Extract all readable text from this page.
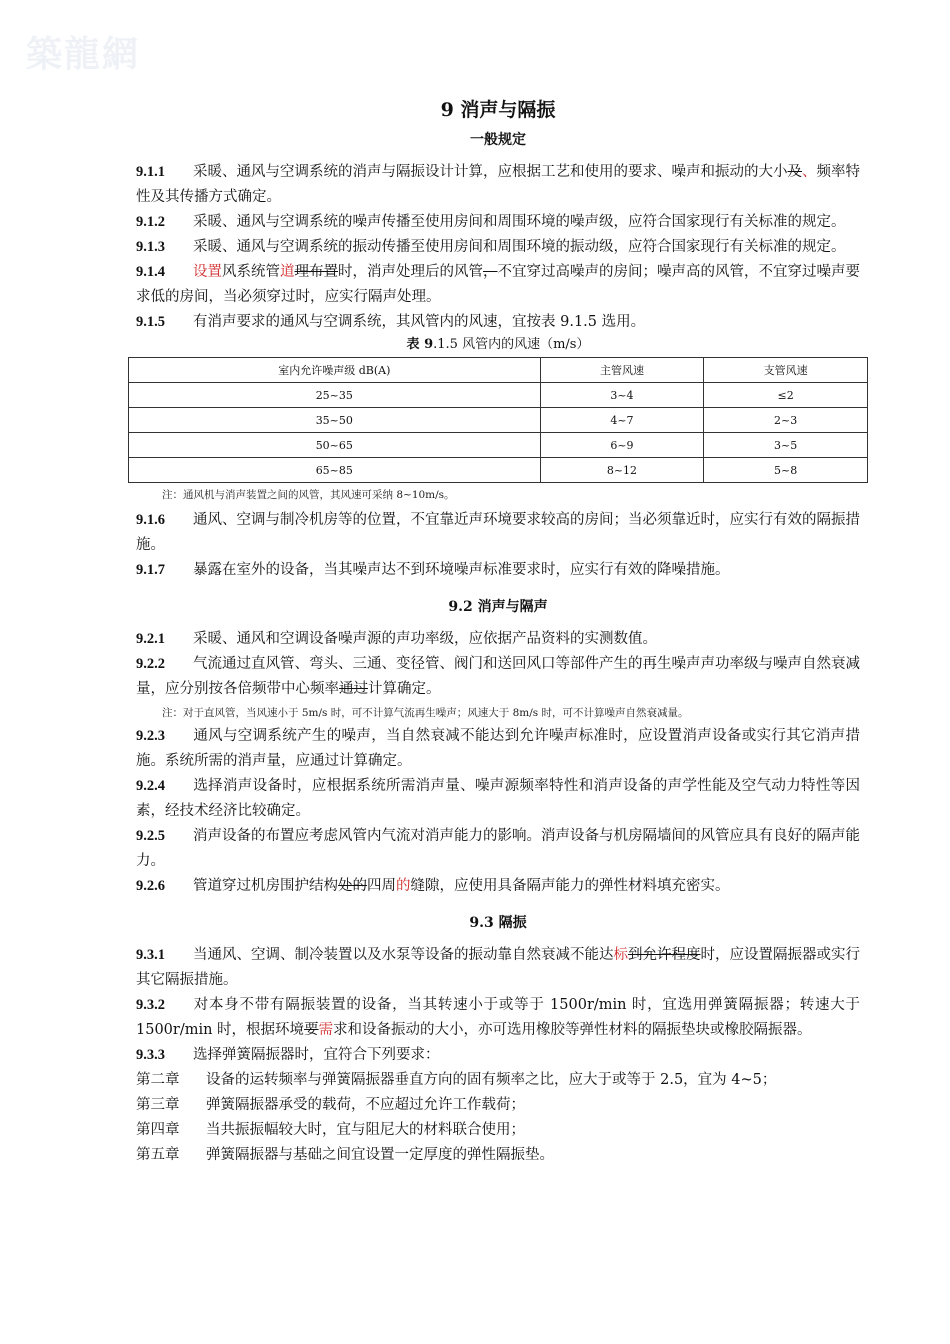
築龍網
9 消声与隔振
一般规定

9.1.1 采暖、通风与空调系统的消声与隔振设计计算，应根据工艺和使用的要求、噪声和振动的大小及、频率特性及其传播方式确定。

9.1.2 采暖、通风与空调系统的噪声传播至使用房间和周围环境的噪声级，应符合国家现行有关标准的规定。

9.1.3 采暖、通风与空调系统的振动传播至使用房间和周围环境的振动级，应符合国家现行有关标准的规定。

9.1.4 设置风系统管道理布置时，消声处理后的风管，不宜穿过高噪声的房间；噪声高的风管，不宜穿过噪声要求低的房间，当必须穿过时，应实行隔声处理。

9.1.5 有消声要求的通风与空调系统，其风管内的风速，宜按表 9.1.5 选用。

表 9.1.5 风管内的风速（m/s）
室内允许噪声级 dB(A)	主管风速	支管风速
25~35	3~4	≤2
35~50	4~7	2~3
50~65	6~9	3~5
65~85	8~12	5~8
注：通风机与消声装置之间的风管，其风速可采纳 8~10m/s。

9.1.6 通风、空调与制冷机房等的位置，不宜靠近声环境要求较高的房间；当必须靠近时，应实行有效的隔振措施。

9.1.7 暴露在室外的设备，当其噪声达不到环境噪声标准要求时，应实行有效的降噪措施。

9.2 消声与隔声

9.2.1 采暖、通风和空调设备噪声源的声功率级，应依据产品资料的实测数值。

9.2.2 气流通过直风管、弯头、三通、变径管、阀门和送回风口等部件产生的再生噪声声功率级与噪声自然衰减量，应分别按各倍频带中心频率通过计算确定。

注：对于直风管，当风速小于 5m/s 时，可不计算气流再生噪声；风速大于 8m/s 时，可不计算噪声自然衰减量。

9.2.3 通风与空调系统产生的噪声，当自然衰减不能达到允许噪声标准时，应设置消声设备或实行其它消声措施。系统所需的消声量，应通过计算确定。

9.2.4 选择消声设备时，应根据系统所需消声量、噪声源频率特性和消声设备的声学性能及空气动力特性等因素，经技术经济比较确定。

9.2.5 消声设备的布置应考虑风管内气流对消声能力的影响。消声设备与机房隔墙间的风管应具有良好的隔声能力。

9.2.6 管道穿过机房围护结构处的四周的缝隙，应使用具备隔声能力的弹性材料填充密实。

9.3 隔振

9.3.1 当通风、空调、制冷装置以及水泵等设备的振动靠自然衰减不能达标到允许程度时，应设置隔振器或实行其它隔振措施。

9.3.2 对本身不带有隔振装置的设备，当其转速小于或等于 1500r/min 时，宜选用弹簧隔振器；转速大于 1500r/min 时，根据环境要需求和设备振动的大小，亦可选用橡胶等弹性材料的隔振垫块或橡胶隔振器。

9.3.3 选择弹簧隔振器时，宜符合下列要求：

第二章 设备的运转频率与弹簧隔振器垂直方向的固有频率之比，应大于或等于 2.5，宜为 4~5；

第三章 弹簧隔振器承受的载荷，不应超过允许工作载荷；

第四章 当共振振幅较大时，宜与阻尼大的材料联合使用；

第五章 弹簧隔振器与基础之间宜设置一定厚度的弹性隔振垫。
